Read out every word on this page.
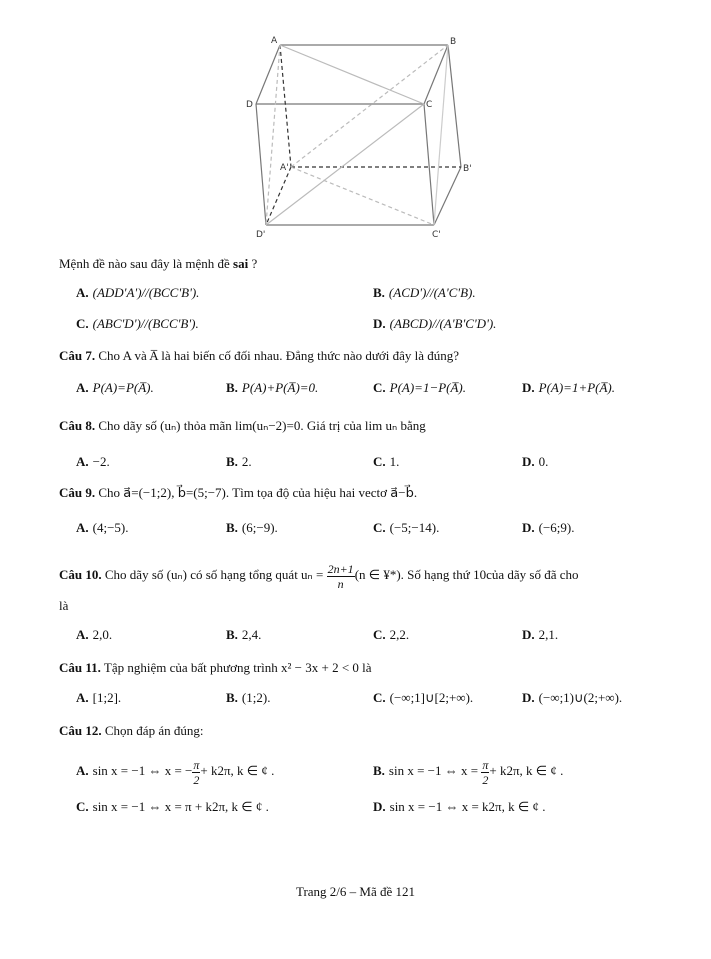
A	B
C
D
A'	B'
C'
D'
Mệnh đề nào sau đây là mệnh đề sai ?
A. (ADD'A')//(BCC'B').	B. (ACD')//(A'C'B).
C. (ABC'D')//(BCC'B').	D. (ABCD)//(A'B'C'D').
Câu 7. Cho A và A̅ là hai biến cố đối nhau. Đẳng thức nào dưới đây là đúng?
A. P(A)=P(A̅).	B. P(A)+P(A̅)=0.	C. P(A)=1−P(A̅).	D. P(A)=1+P(A̅).
Câu 8. Cho dãy số (uₙ) thỏa mãn lim(uₙ−2)=0. Giá trị của lim uₙ bằng
A. −2.	B. 2.	C. 1.	D. 0.
Câu 9. Cho a⃗=(−1;2), b⃗=(5;−7). Tìm tọa độ của hiệu hai vectơ a⃗−b⃗.
A. (4;−5).	B. (6;−9).	C. (−5;−14).	D. (−6;9).
Câu 10. Cho dãy số (uₙ) có số hạng tổng quát $u_n = \frac{2n+1}{n} (n$ ∈ ¥*). Số hạng thứ 10của dãy số đã cho
là
A. 2,0.	B. 2,4.	C. 2,2.	D. 2,1.
Câu 11. Tập nghiệm của bất phương trình x² − 3x + 2 < 0 là
A. [1;2].	B. (1;2).	C. (−∞;1]∪[2;+∞).	D. (−∞;1)∪(2;+∞).
Câu 12. Chọn đáp án đúng:
A. sin x = −1 ⇔ x = − $\frac{\pi}{2} + k2\pi$, k ∈ ¢ .	B. sin x = −1 ⇔ $x = \frac{\pi}{2} + k2\pi$, k ∈ ¢ .
C. sin x = −1 ⇔ x = π + k2π, k ∈ ¢ .	D. sin x = −1 ⇔ x = k2π, k ∈ ¢ .
Trang 2/6 – Mã đề 121
